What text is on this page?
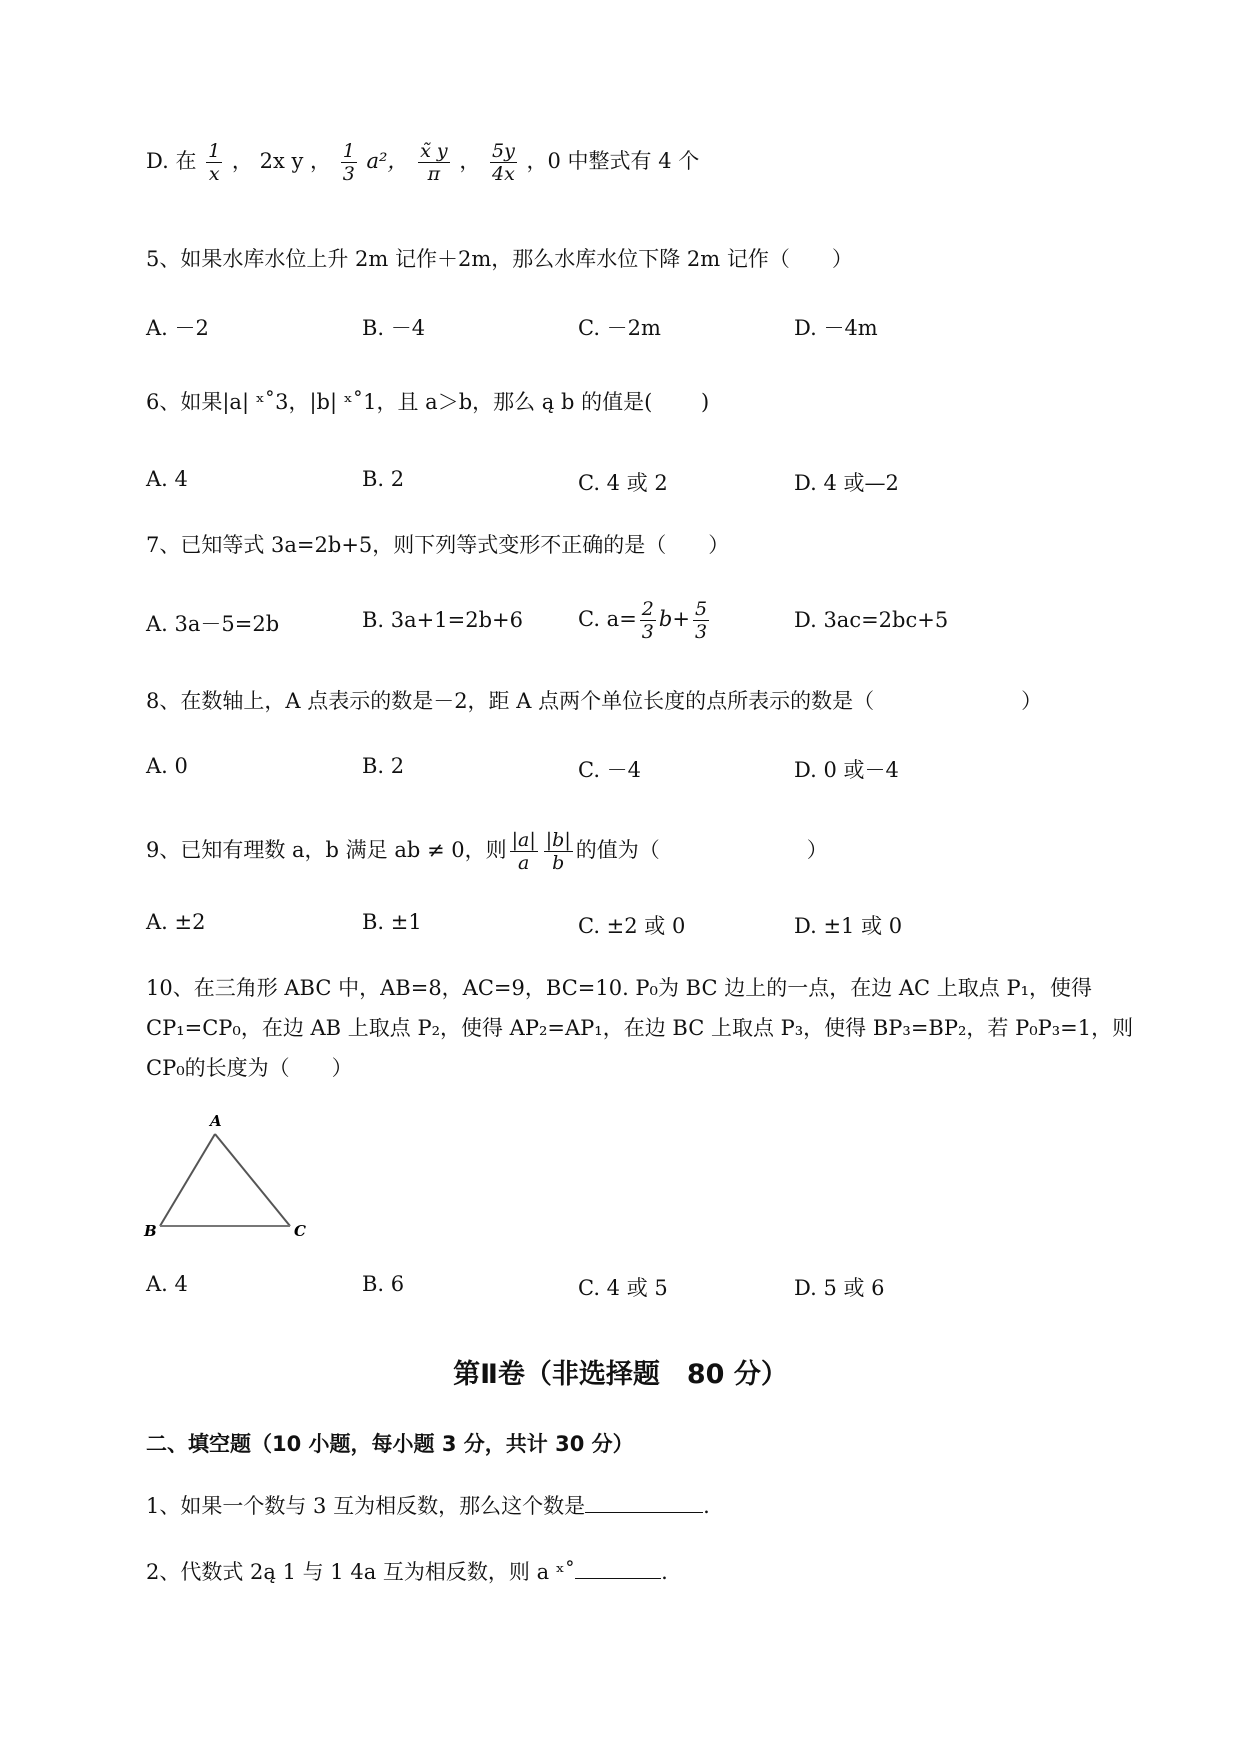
D. 在 $\frac{1}{x}$ ， 2x y ， $\frac{1}{3} a^2$， $\frac{x̃ y}{\pi}$ ， $\frac{5y}{4x}$ ，0 中整式有 4 个
5、如果水库水位上升 2m 记作＋2m，那么水库水位下降 2m 记作（　　）
A. －2	B. －4	C. －2m	D. －4m
6、如果|a| ˣ˚3，|b| ˣ˚1，且 a＞b，那么 ą b 的值是(　　 )
A. 4	B. 2	C. 4 或 2	D. 4 或—2
7、已知等式 3a=2b+5，则下列等式变形不正确的是（　　）
A. 3a－5=2b	B. 3a+1=2b+6	C. $a= \frac{2}{3} b+ \frac{5}{3}$	D. 3ac=2bc+5
8、在数轴上，A 点表示的数是－2，距 A 点两个单位长度的点所表示的数是（　　　　　　　）
A. 0	B. 2	C. －4	D. 0 或－4
9、已知有理数 a，b 满足 ab ≠ 0，则 $\frac{|a|}{a} \frac{|b|}{b}$ 的值为（　　　　　　　）
A. ±2	B. ±1	C. ±2 或 0	D. ±1 或 0
10、在三角形 ABC 中，AB=8，AC=9，BC=10. P₀为 BC 边上的一点，在边 AC 上取点 P₁，使得 CP₁=CP₀，在边 AB 上取点 P₂，使得 AP₂=AP₁，在边 BC 上取点 P₃，使得 BP₃=BP₂，若 P₀P₃=1，则 CP₀的长度为（　　）
A
B	C
A. 4	B. 6	C. 4 或 5	D. 5 或 6
第Ⅱ卷（非选择题　80 分）
二、填空题（10 小题，每小题 3 分，共计 30 分）
1、如果一个数与 3 互为相反数，那么这个数是	.
2、代数式 2ą 1 与 1 4a 互为相反数，则 a ˣ˚	.
